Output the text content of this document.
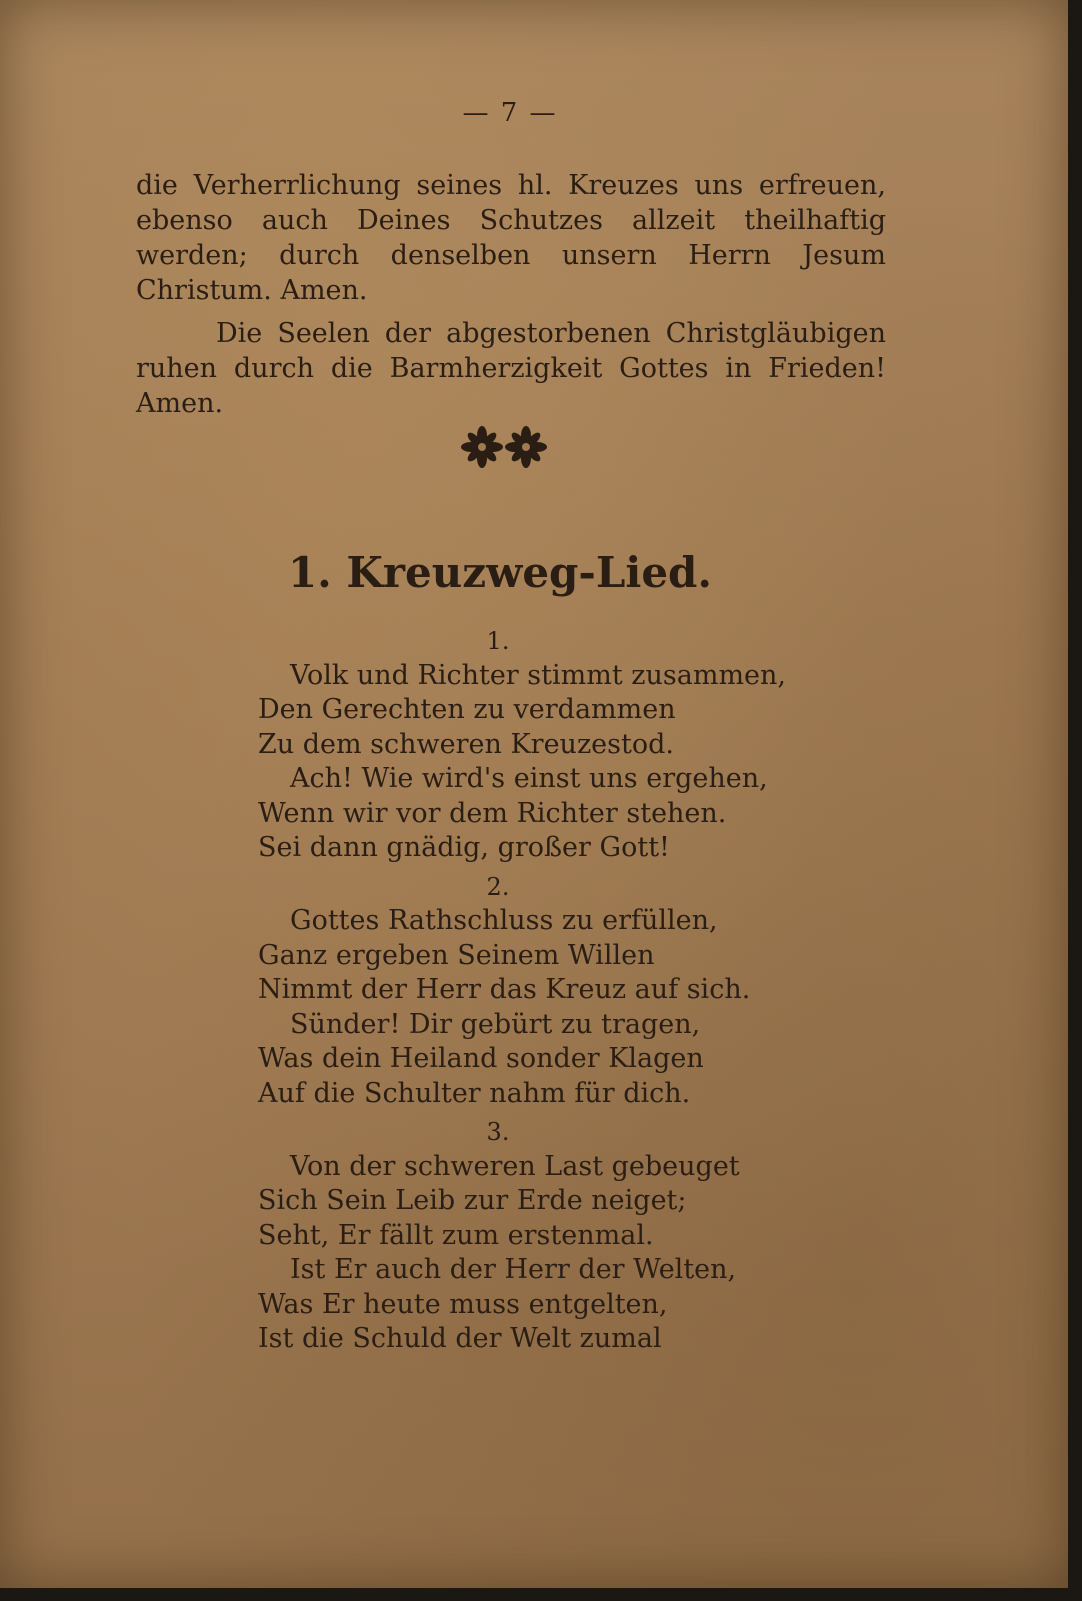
— 7 —

die Verherrlichung seines hl. Kreuzes uns erfreuen, ebenso auch Deines Schutzes allzeit theilhaftig werden; durch denselben unsern Herrn Jesum Christum. Amen.

Die Seelen der abgestorbenen Christgläubigen ruhen durch die Barmherzigkeit Gottes in Frieden! Amen.

1. Kreuzweg-Lied.
1.

Volk und Richter stimmt zusammen,

Den Gerechten zu verdammen

Zu dem schweren Kreuzestod.

Ach! Wie wird's einst uns ergehen,

Wenn wir vor dem Richter stehen.

Sei dann gnädig, großer Gott!

2.

Gottes Rathschluss zu erfüllen,

Ganz ergeben Seinem Willen

Nimmt der Herr das Kreuz auf sich.

Sünder! Dir gebürt zu tragen,

Was dein Heiland sonder Klagen

Auf die Schulter nahm für dich.

3.

Von der schweren Last gebeuget

Sich Sein Leib zur Erde neiget;

Seht, Er fällt zum erstenmal.

Ist Er auch der Herr der Welten,

Was Er heute muss entgelten,

Ist die Schuld der Welt zumal
